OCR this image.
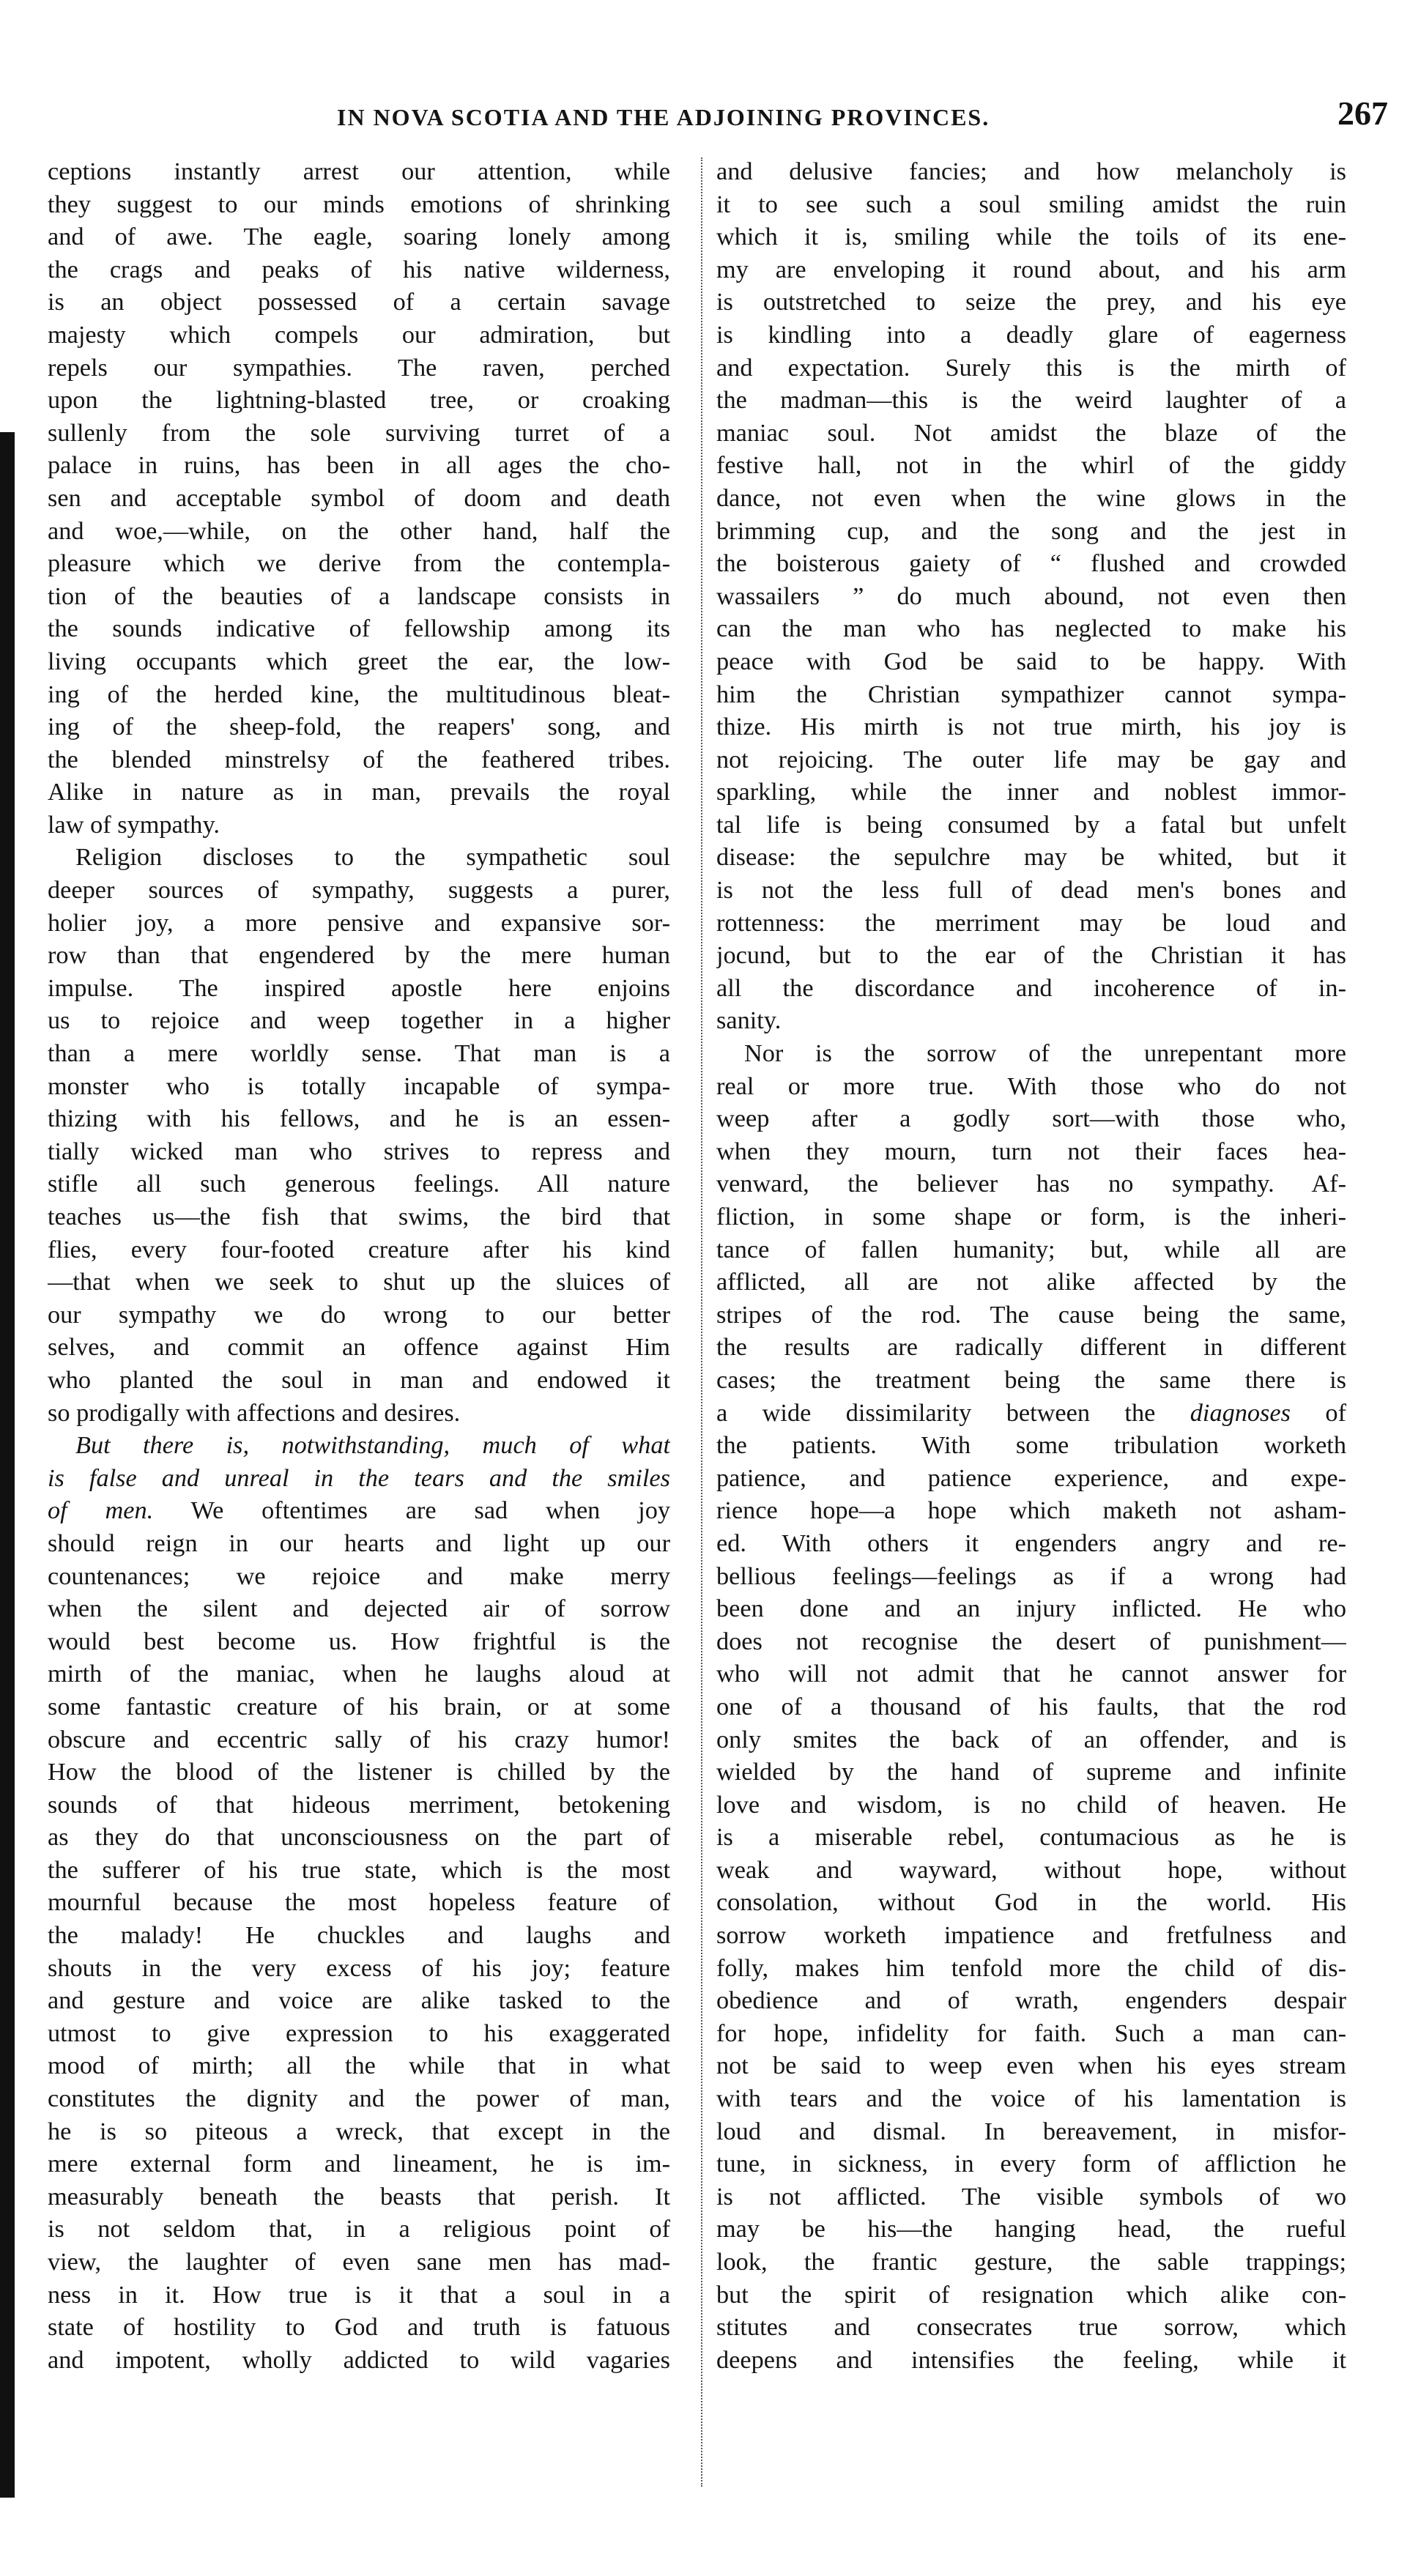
IN NOVA SCOTIA AND THE ADJOINING PROVINCES.	267
ceptions instantly arrest our attention, while
they suggest to our minds emotions of shrinking
and of awe. The eagle, soaring lonely among
the crags and peaks of his native wilderness,
is an object possessed of a certain savage
majesty which compels our admiration, but
repels our sympathies. The raven, perched
upon the lightning-blasted tree, or croaking
sullenly from the sole surviving turret of a
palace in ruins, has been in all ages the cho-
sen and acceptable symbol of doom and death
and woe,—while, on the other hand, half the
pleasure which we derive from the contempla-
tion of the beauties of a landscape consists in
the sounds indicative of fellowship among its
living occupants which greet the ear, the low-
ing of the herded kine, the multitudinous bleat-
ing of the sheep-fold, the reapers' song, and
the blended minstrelsy of the feathered tribes.
Alike in nature as in man, prevails the royal
law of sympathy.
Religion discloses to the sympathetic soul
deeper sources of sympathy, suggests a purer,
holier joy, a more pensive and expansive sor-
row than that engendered by the mere human
impulse. The inspired apostle here enjoins
us to rejoice and weep together in a higher
than a mere worldly sense. That man is a
monster who is totally incapable of sympa-
thizing with his fellows, and he is an essen-
tially wicked man who strives to repress and
stifle all such generous feelings. All nature
teaches us—the fish that swims, the bird that
flies, every four-footed creature after his kind
—that when we seek to shut up the sluices of
our sympathy we do wrong to our better
selves, and commit an offence against Him
who planted the soul in man and endowed it
so prodigally with affections and desires.
But there is, notwithstanding, much of what
is false and unreal in the tears and the smiles
of men. We oftentimes are sad when joy
should reign in our hearts and light up our
countenances; we rejoice and make merry
when the silent and dejected air of sorrow
would best become us. How frightful is the
mirth of the maniac, when he laughs aloud at
some fantastic creature of his brain, or at some
obscure and eccentric sally of his crazy humor!
How the blood of the listener is chilled by the
sounds of that hideous merriment, betokening
as they do that unconsciousness on the part of
the sufferer of his true state, which is the most
mournful because the most hopeless feature of
the malady! He chuckles and laughs and
shouts in the very excess of his joy; feature
and gesture and voice are alike tasked to the
utmost to give expression to his exaggerated
mood of mirth; all the while that in what
constitutes the dignity and the power of man,
he is so piteous a wreck, that except in the
mere external form and lineament, he is im-
measurably beneath the beasts that perish. It
is not seldom that, in a religious point of
view, the laughter of even sane men has mad-
ness in it. How true is it that a soul in a
state of hostility to God and truth is fatuous
and impotent, wholly addicted to wild vagaries
and delusive fancies; and how melancholy is
it to see such a soul smiling amidst the ruin
which it is, smiling while the toils of its ene-
my are enveloping it round about, and his arm
is outstretched to seize the prey, and his eye
is kindling into a deadly glare of eagerness
and expectation. Surely this is the mirth of
the madman—this is the weird laughter of a
maniac soul. Not amidst the blaze of the
festive hall, not in the whirl of the giddy
dance, not even when the wine glows in the
brimming cup, and the song and the jest in
the boisterous gaiety of “ flushed and crowded
wassailers ” do much abound, not even then
can the man who has neglected to make his
peace with God be said to be happy. With
him the Christian sympathizer cannot sympa-
thize. His mirth is not true mirth, his joy is
not rejoicing. The outer life may be gay and
sparkling, while the inner and noblest immor-
tal life is being consumed by a fatal but unfelt
disease: the sepulchre may be whited, but it
is not the less full of dead men's bones and
rottenness: the merriment may be loud and
jocund, but to the ear of the Christian it has
all the discordance and incoherence of in-
sanity.
Nor is the sorrow of the unrepentant more
real or more true. With those who do not
weep after a godly sort—with those who,
when they mourn, turn not their faces hea-
venward, the believer has no sympathy. Af-
fliction, in some shape or form, is the inheri-
tance of fallen humanity; but, while all are
afflicted, all are not alike affected by the
stripes of the rod. The cause being the same,
the results are radically different in different
cases; the treatment being the same there is
a wide dissimilarity between the diagnoses of
the patients. With some tribulation worketh
patience, and patience experience, and expe-
rience hope—a hope which maketh not asham-
ed. With others it engenders angry and re-
bellious feelings—feelings as if a wrong had
been done and an injury inflicted. He who
does not recognise the desert of punishment—
who will not admit that he cannot answer for
one of a thousand of his faults, that the rod
only smites the back of an offender, and is
wielded by the hand of supreme and infinite
love and wisdom, is no child of heaven. He
is a miserable rebel, contumacious as he is
weak and wayward, without hope, without
consolation, without God in the world. His
sorrow worketh impatience and fretfulness and
folly, makes him tenfold more the child of dis-
obedience and of wrath, engenders despair
for hope, infidelity for faith. Such a man can-
not be said to weep even when his eyes stream
with tears and the voice of his lamentation is
loud and dismal. In bereavement, in misfor-
tune, in sickness, in every form of affliction he
is not afflicted. The visible symbols of wo
may be his—the hanging head, the rueful
look, the frantic gesture, the sable trappings;
but the spirit of resignation which alike con-
stitutes and consecrates true sorrow, which
deepens and intensifies the feeling, while it
